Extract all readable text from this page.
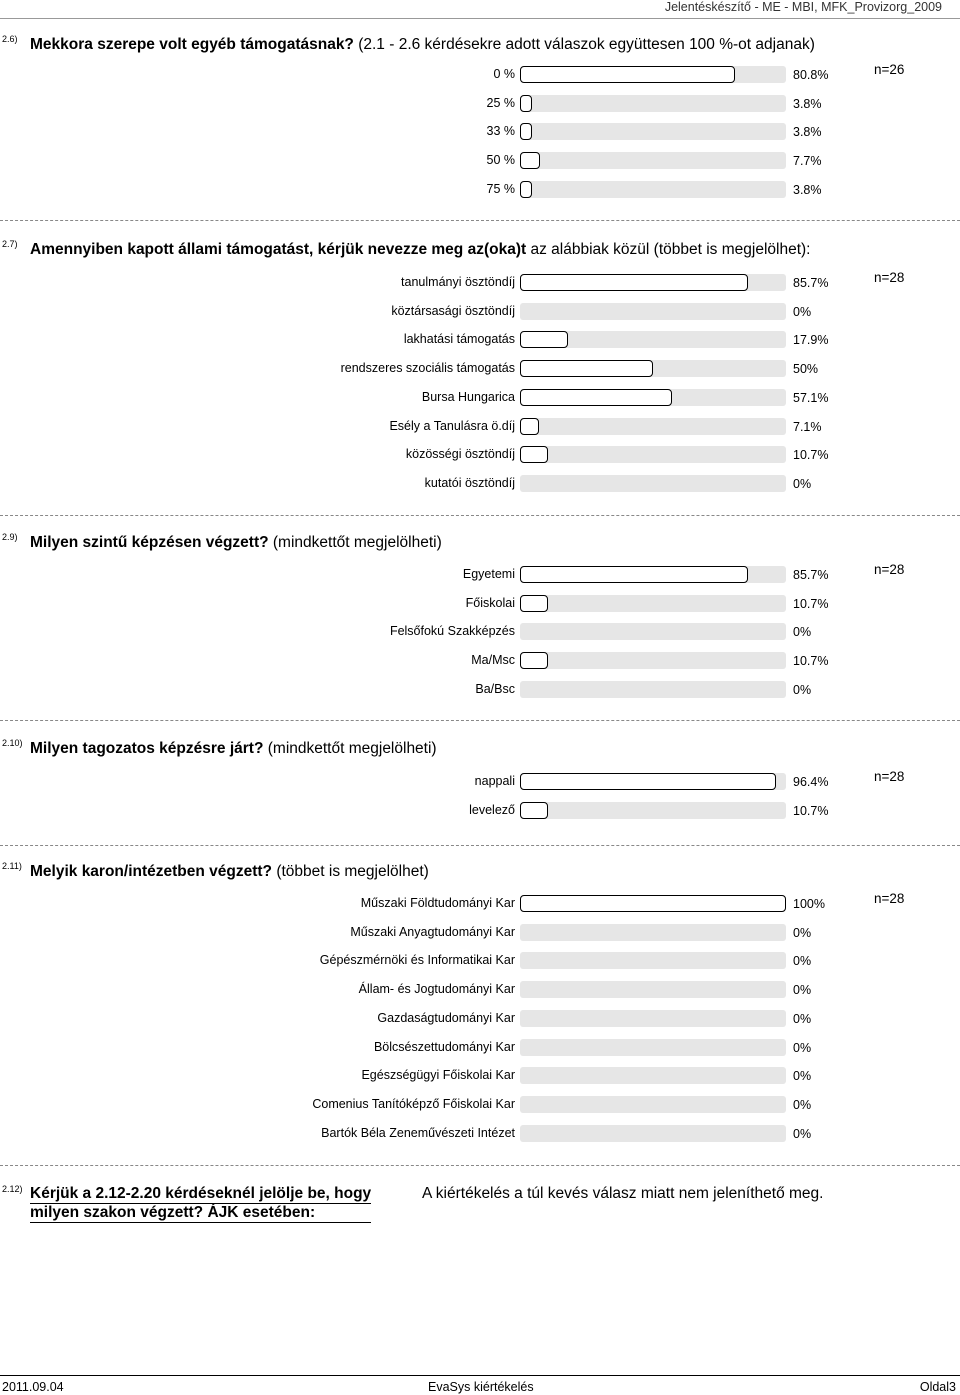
Jelentéskészítő - ME - MBI, MFK_Provizorg_2009
2.6) Mekkora szerepe volt egyéb támogatásnak? (2.1 - 2.6 kérdésekre adott válaszok együttesen 100 %-ot adjanak)
n=26
0 %	80.8%
25 %	3.8%
33 %	3.8%
50 %	7.7%
75 %	3.8%
2.7) Amennyiben kapott állami támogatást, kérjük nevezze meg az(oka)t az alábbiak közül (többet is megjelölhet):
n=28
tanulmányi ösztöndíj	85.7%
köztársasági ösztöndíj	0%
lakhatási támogatás	17.9%
rendszeres szociális támogatás	50%
Bursa Hungarica	57.1%
Esély a Tanulásra ö.díj	7.1%
közösségi ösztöndíj	10.7%
kutatói ösztöndíj	0%
2.9) Milyen szintű képzésen végzett? (mindkettőt megjelölheti)
n=28
Egyetemi	85.7%
Főiskolai	10.7%
Felsőfokú Szakképzés	0%
Ma/Msc	10.7%
Ba/Bsc	0%
2.10) Milyen tagozatos képzésre járt? (mindkettőt megjelölheti)
n=28
nappali	96.4%
levelező	10.7%
2.11) Melyik karon/intézetben végzett? (többet is megjelölhet)
n=28
Műszaki Földtudományi Kar	100%
Műszaki Anyagtudományi Kar	0%
Gépészmérnöki és Informatikai Kar	0%
Állam- és Jogtudományi Kar	0%
Gazdaságtudományi Kar	0%
Bölcsészettudományi Kar	0%
Egészségügyi Főiskolai Kar	0%
Comenius Tanítóképző Főiskolai Kar	0%
Bartók Béla Zeneművészeti Intézet	0%
2.12) Kérjük a 2.12-2.20 kérdéseknél jelölje be, hogy
milyen szakon végzett? ÁJK esetében:
A kiértékelés a túl kevés válasz miatt nem jeleníthető meg.
2011.09.04	EvaSys kiértékelés	Oldal3
